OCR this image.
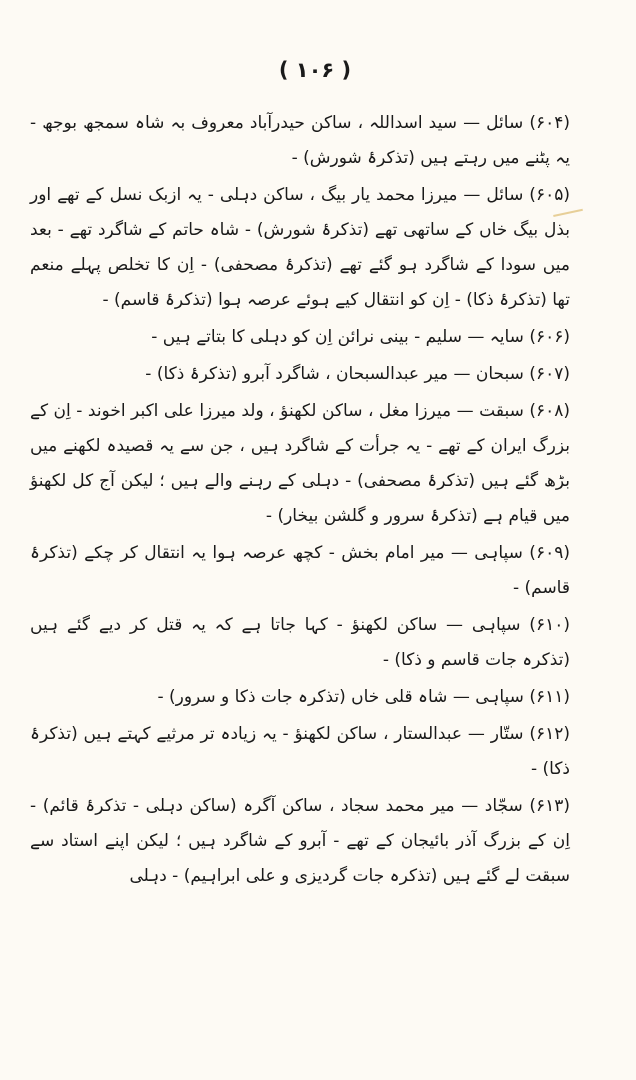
( ۱۰۶ )

(۶۰۴) سائل — سید اسداللہ ، ساکن حیدرآباد معروف بہ شاہ سمجھ بوجھ - یہ پٹنے میں رہتے ہیں (تذکرۂ شورش) -

(۶۰۵) سائل — میرزا محمد یار بیگ ، ساکن دہلی - یہ ازبک نسل کے تھے اور بذل بیگ خاں کے ساتھی تھے (تذکرۂ شورش) - شاہ حاتم کے شاگرد تھے - بعد میں سودا کے شاگرد ہو گئے تھے (تذکرۂ مصحفی) - اِن کا تخلص پہلے منعم تھا (تذکرۂ ذکا) - اِن کو انتقال کیے ہوئے عرصہ ہوا (تذکرۂ قاسم) -

(۶۰۶) سایہ — سلیم - بینی نرائن اِن کو دہلی کا بتاتے ہیں -

(۶۰۷) سبحان — میر عبدالسبحان ، شاگرد آبرو (تذکرۂ ذکا) -

(۶۰۸) سبقت — میرزا مغل ، ساکن لکھنؤ ، ولد میرزا علی اکبر اخوند - اِن کے بزرگ ایران کے تھے - یہ جرأت کے شاگرد ہیں ، جن سے یہ قصیدہ لکھنے میں بڑھ گئے ہیں (تذکرۂ مصحفی) - دہلی کے رہنے والے ہیں ؛ لیکن آج کل لکھنؤ میں قیام ہے (تذکرۂ سرور و گلشن بیخار) -

(۶۰۹) سپاہی — میر امام بخش - کچھ عرصہ ہوا یہ انتقال کر چکے (تذکرۂ قاسم) -

(۶۱۰) سپاہی — ساکن لکھنؤ - کہا جاتا ہے کہ یہ قتل کر دیے گئے ہیں (تذکرہ جات قاسم و ذکا) -

(۶۱۱) سپاہی — شاہ قلی خاں (تذکرہ جات ذکا و سرور) -

(۶۱۲) ستّار — عبدالستار ، ساکن لکھنؤ - یہ زیادہ تر مرثیے کہتے ہیں (تذکرۂ ذکا) -

(۶۱۳) سجّاد — میر محمد سجاد ، ساکن آگرہ (ساکن دہلی - تذکرۂ قائم) - اِن کے بزرگ آذر بائیجان کے تھے - آبرو کے شاگرد ہیں ؛ لیکن اپنے استاد سے سبقت لے گئے ہیں (تذکرہ جات گردیزی و علی ابراہیم) - دہلی
